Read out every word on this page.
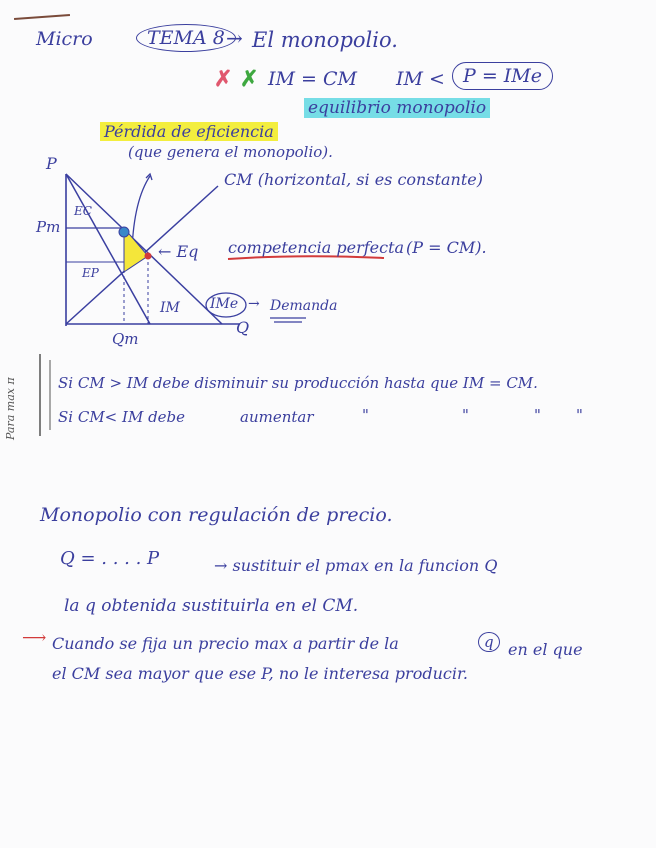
Micro	TEMA 8 → El monopolio.
✗ ✗ IM = CM IM < P = IMe
equilibrio monopolio
Pérdida de eficiencia
(que genera el monopolio).
P
Q
Pm
Qm
EC
EP
IM IMe → Demanda
CM (horizontal, si es constante)
← Eq competencia perfecta (P = CM).
Para max 𝜋	Si CM > IM debe disminuir su producción hasta que IM = CM.
Si CM< IM debe	aumentar	"	"	" "
Monopolio con regulación de precio.
Q = . . . . P	→ sustituir el pmax en la funcion Q
la q obtenida sustituirla en el CM.
⟶ Cuando se fija un precio max a partir de la	q en el que
el CM sea mayor que ese P, no le interesa producir.
